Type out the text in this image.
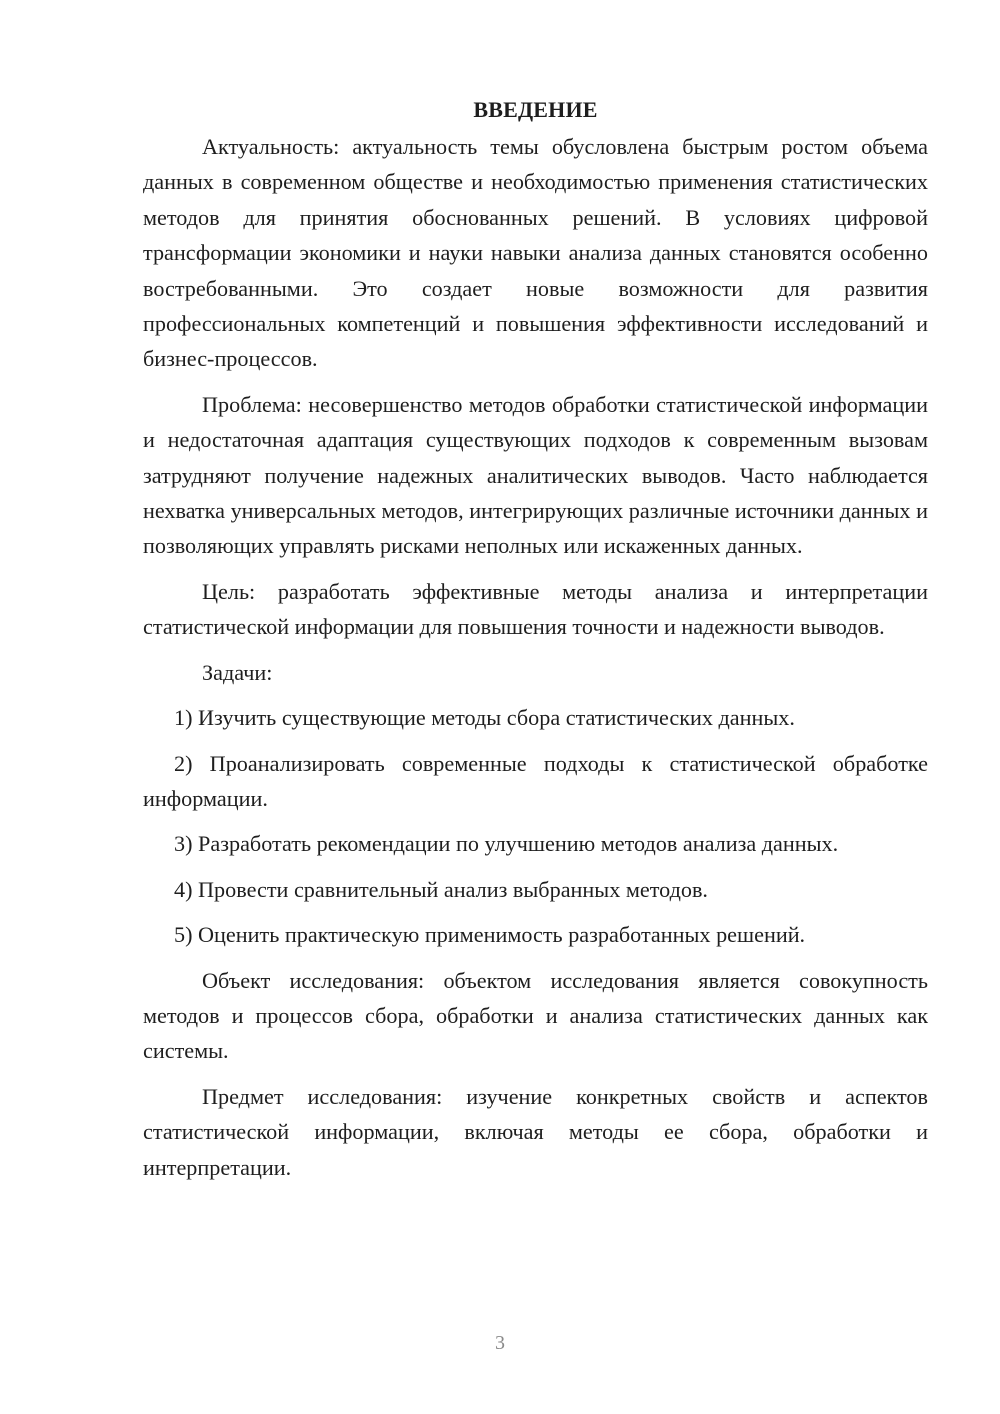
ВВЕДЕНИЕ

Актуальность: актуальность темы обусловлена быстрым ростом объема данных в современном обществе и необходимостью применения статистических методов для принятия обоснованных решений. В условиях цифровой трансформации экономики и науки навыки анализа данных становятся особенно востребованными. Это создает новые возможности для развития профессиональных компетенций и повышения эффективности исследований и бизнес-процессов.

Проблема: несовершенство методов обработки статистической информации и недостаточная адаптация существующих подходов к современным вызовам затрудняют получение надежных аналитических выводов. Часто наблюдается нехватка универсальных методов, интегрирующих различные источники данных и позволяющих управлять рисками неполных или искаженных данных.

Цель: разработать эффективные методы анализа и интерпретации статистической информации для повышения точности и надежности выводов.

Задачи:

1) Изучить существующие методы сбора статистических данных.

2) Проанализировать современные подходы к статистической обработке информации.

3) Разработать рекомендации по улучшению методов анализа данных.

4) Провести сравнительный анализ выбранных методов.

5) Оценить практическую применимость разработанных решений.

Объект исследования: объектом исследования является совокупность методов и процессов сбора, обработки и анализа статистических данных как системы.

Предмет исследования: изучение конкретных свойств и аспектов статистической информации, включая методы ее сбора, обработки и интерпретации.

3
